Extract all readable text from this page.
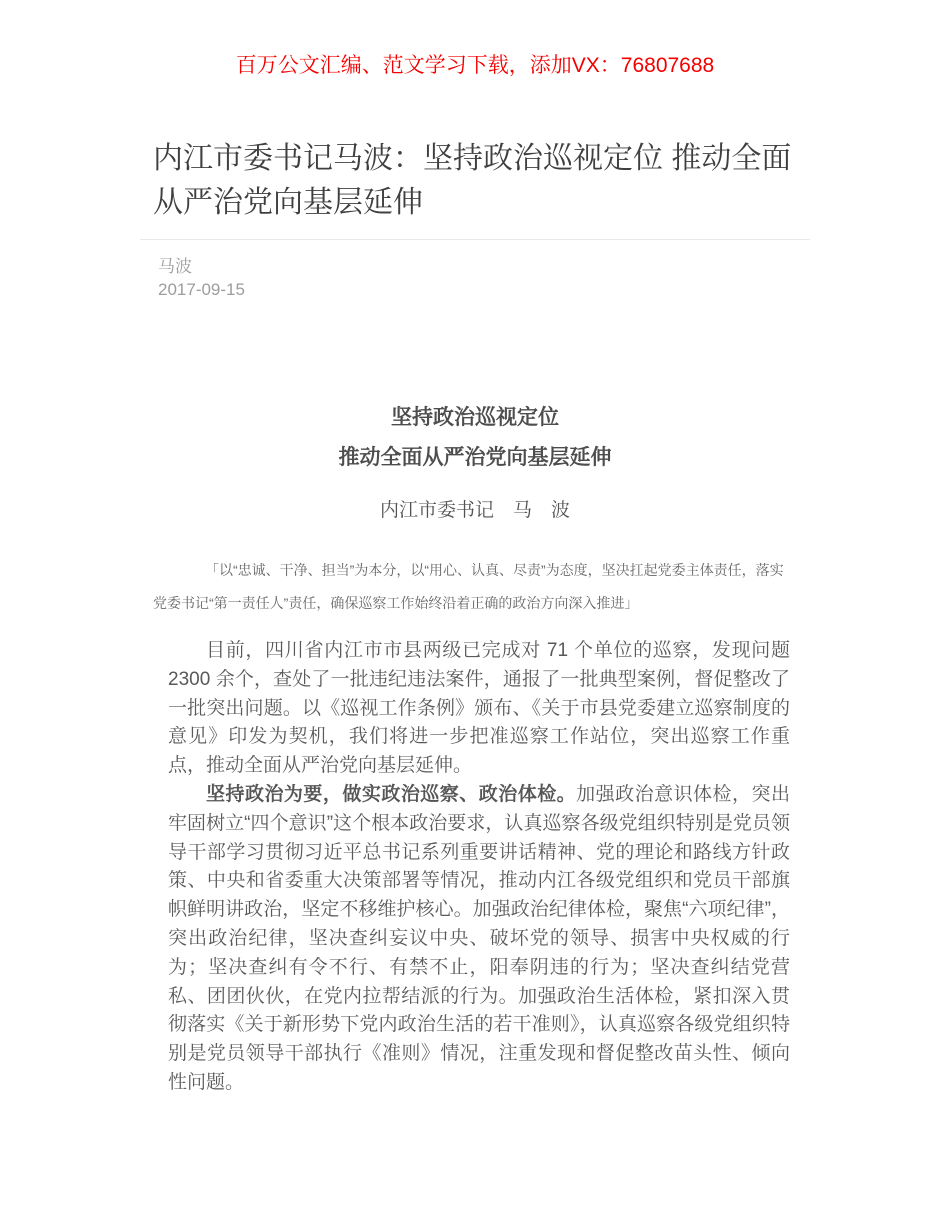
百万公文汇编、范文学习下载，添加VX：76807688
内江市委书记马波：坚持政治巡视定位 推动全面从严治党向基层延伸
马波
2017-09-15
坚持政治巡视定位
推动全面从严治党向基层延伸
内江市委书记　马　波
「以“忠诚、干净、担当”为本分，以“用心、认真、尽责”为态度，坚决扛起党委主体责任，落实党委书记“第一责任人”责任，确保巡察工作始终沿着正确的政治方向深入推进」

目前，四川省内江市市县两级已完成对 71 个单位的巡察，发现问题 2300 余个，查处了一批违纪违法案件，通报了一批典型案例，督促整改了一批突出问题。以《巡视工作条例》颁布、《关于市县党委建立巡察制度的意见》印发为契机，我们将进一步把准巡察工作站位，突出巡察工作重点，推动全面从严治党向基层延伸。

坚持政治为要，做实政治巡察、政治体检。加强政治意识体检，突出牢固树立“四个意识”这个根本政治要求，认真巡察各级党组织特别是党员领导干部学习贯彻习近平总书记系列重要讲话精神、党的理论和路线方针政策、中央和省委重大决策部署等情况，推动内江各级党组织和党员干部旗帜鲜明讲政治，坚定不移维护核心。加强政治纪律体检，聚焦“六项纪律”，突出政治纪律，坚决查纠妄议中央、破坏党的领导、损害中央权威的行为；坚决查纠有令不行、有禁不止，阳奉阴违的行为；坚决查纠结党营私、团团伙伙，在党内拉帮结派的行为。加强政治生活体检，紧扣深入贯彻落实《关于新形势下党内政治生活的若干准则》，认真巡察各级党组织特别是党员领导干部执行《准则》情况，注重发现和督促整改苗头性、倾向性问题。
